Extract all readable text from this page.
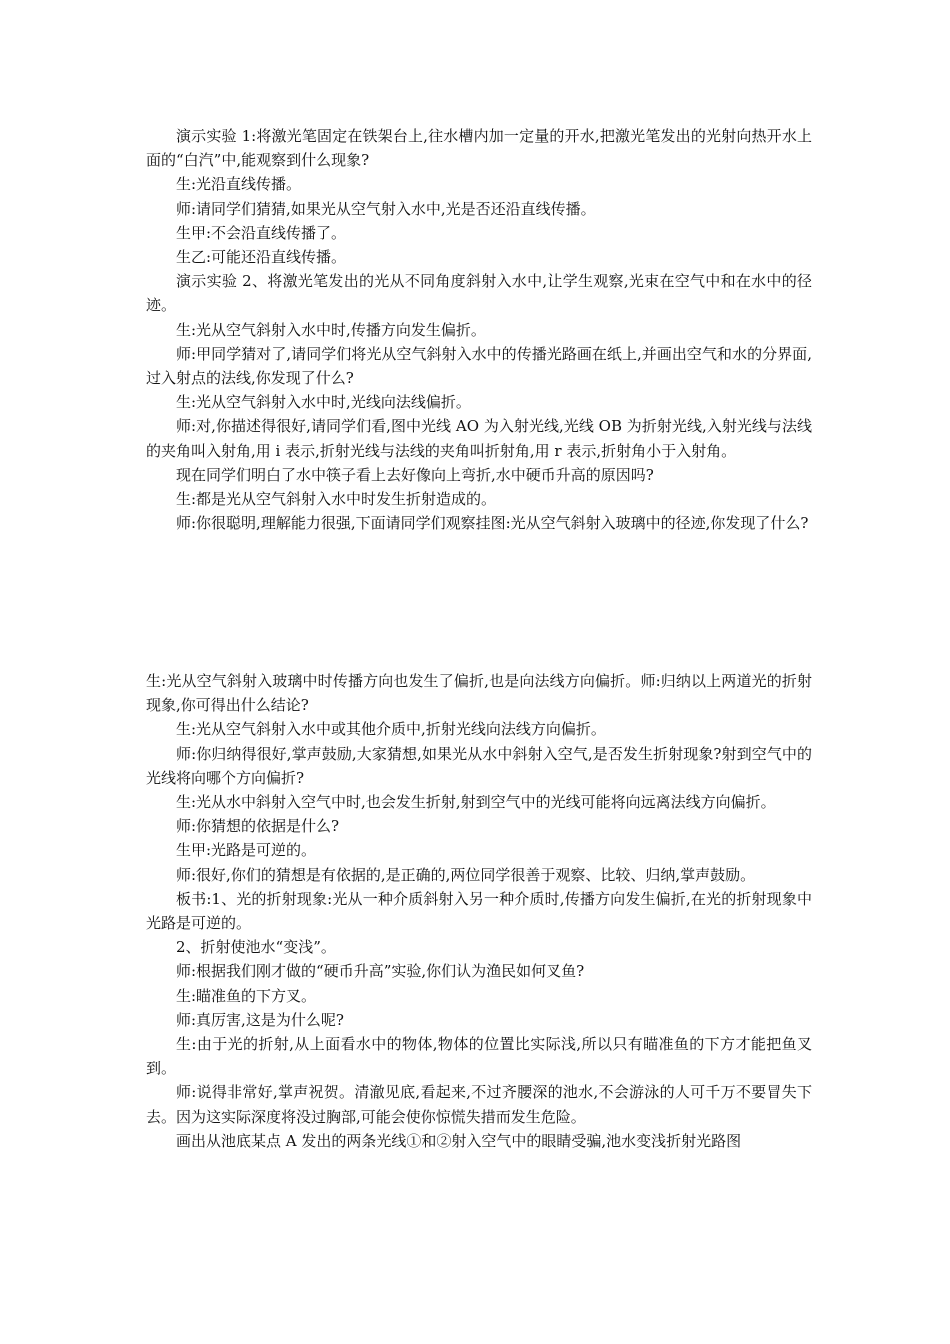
演示实验 1:将激光笔固定在铁架台上,往水槽内加一定量的开水,把激光笔发出的光射向热开水上面的“白汽”中,能观察到什么现象?

生:光沿直线传播。

师:请同学们猜猜,如果光从空气射入水中,光是否还沿直线传播。

生甲:不会沿直线传播了。

生乙:可能还沿直线传播。

演示实验 2、将激光笔发出的光从不同角度斜射入水中,让学生观察,光束在空气中和在水中的径迹。

生:光从空气斜射入水中时,传播方向发生偏折。

师:甲同学猜对了,请同学们将光从空气斜射入水中的传播光路画在纸上,并画出空气和水的分界面,过入射点的法线,你发现了什么?

生:光从空气斜射入水中时,光线向法线偏折。

师:对,你描述得很好,请同学们看,图中光线 AO 为入射光线,光线 OB 为折射光线,入射光线与法线的夹角叫入射角,用 i 表示,折射光线与法线的夹角叫折射角,用 r 表示,折射角小于入射角。

现在同学们明白了水中筷子看上去好像向上弯折,水中硬币升高的原因吗?

生:都是光从空气斜射入水中时发生折射造成的。

师:你很聪明,理解能力很强,下面请同学们观察挂图:光从空气斜射入玻璃中的径迹,你发现了什么?

生:光从空气斜射入玻璃中时传播方向也发生了偏折,也是向法线方向偏折。师:归纳以上两道光的折射现象,你可得出什么结论?

生:光从空气斜射入水中或其他介质中,折射光线向法线方向偏折。

师:你归纳得很好,掌声鼓励,大家猜想,如果光从水中斜射入空气,是否发生折射现象?射到空气中的光线将向哪个方向偏折?

生:光从水中斜射入空气中时,也会发生折射,射到空气中的光线可能将向远离法线方向偏折。

师:你猜想的依据是什么?

生甲:光路是可逆的。

师:很好,你们的猜想是有依据的,是正确的,两位同学很善于观察、比较、归纳,掌声鼓励。

板书:1、光的折射现象:光从一种介质斜射入另一种介质时,传播方向发生偏折,在光的折射现象中光路是可逆的。

2、折射使池水“变浅”。

师:根据我们刚才做的“硬币升高”实验,你们认为渔民如何叉鱼?

生:瞄准鱼的下方叉。

师:真厉害,这是为什么呢?

生:由于光的折射,从上面看水中的物体,物体的位置比实际浅,所以只有瞄准鱼的下方才能把鱼叉到。

师:说得非常好,掌声祝贺。清澈见底,看起来,不过齐腰深的池水,不会游泳的人可千万不要冒失下去。因为这实际深度将没过胸部,可能会使你惊慌失措而发生危险。

画出从池底某点 A 发出的两条光线①和②射入空气中的眼睛受骗,池水变浅折射光路图
